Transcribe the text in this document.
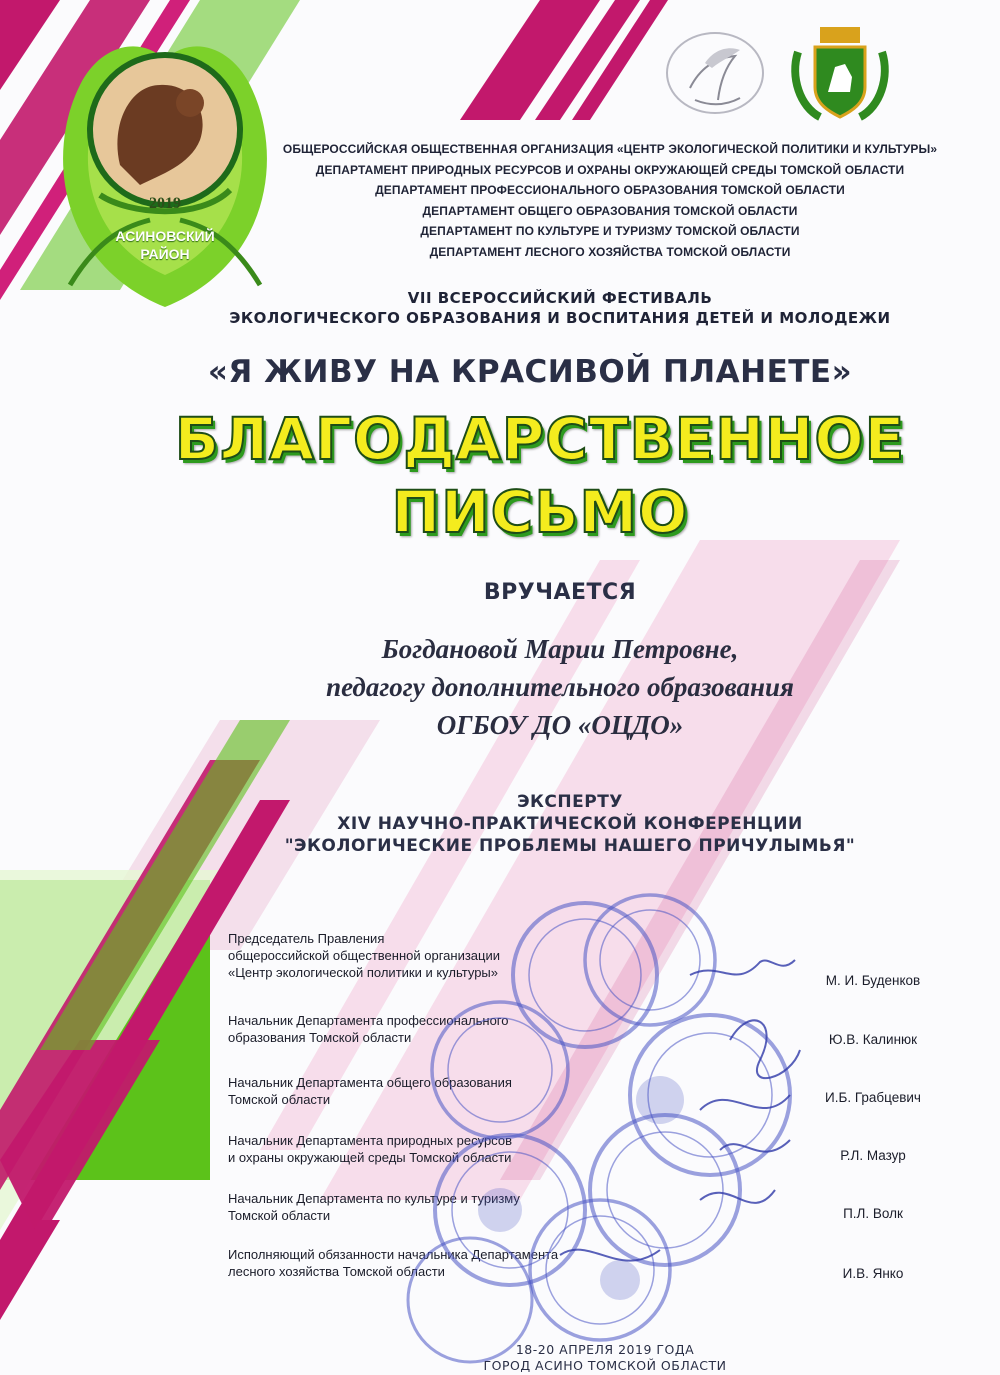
2019
АСИНОВСКИЙ
РАЙОН
ОБЩЕРОССИЙСКАЯ ОБЩЕСТВЕННАЯ ОРГАНИЗАЦИЯ «ЦЕНТР ЭКОЛОГИЧЕСКОЙ ПОЛИТИКИ И КУЛЬТУРЫ»
ДЕПАРТАМЕНТ ПРИРОДНЫХ РЕСУРСОВ И ОХРАНЫ ОКРУЖАЮЩЕЙ СРЕДЫ ТОМСКОЙ ОБЛАСТИ
ДЕПАРТАМЕНТ ПРОФЕССИОНАЛЬНОГО ОБРАЗОВАНИЯ ТОМСКОЙ ОБЛАСТИ
ДЕПАРТАМЕНТ ОБЩЕГО ОБРАЗОВАНИЯ ТОМСКОЙ ОБЛАСТИ
ДЕПАРТАМЕНТ ПО КУЛЬТУРЕ И ТУРИЗМУ ТОМСКОЙ ОБЛАСТИ
ДЕПАРТАМЕНТ ЛЕСНОГО ХОЗЯЙСТВА ТОМСКОЙ ОБЛАСТИ
VII ВСЕРОССИЙСКИЙ ФЕСТИВАЛЬ
ЭКОЛОГИЧЕСКОГО ОБРАЗОВАНИЯ И ВОСПИТАНИЯ ДЕТЕЙ И МОЛОДЕЖИ
«Я ЖИВУ НА КРАСИВОЙ ПЛАНЕТЕ»
БЛАГОДАРСТВЕННОЕ
ПИСЬМО
ВРУЧАЕТСЯ
Богдановой Марии Петровне,
педагогу дополнительного образования
ОГБОУ ДО «ОЦДО»
ЭКСПЕРТУ
XIV НАУЧНО-ПРАКТИЧЕСКОЙ КОНФЕРЕНЦИИ
"ЭКОЛОГИЧЕСКИЕ ПРОБЛЕМЫ НАШЕГО ПРИЧУЛЫМЬЯ"
Председатель Правления
общероссийской общественной организации
«Центр экологической политики и культуры»
М. И. Буденков
Начальник Департамента профессионального
образования Томской области	Ю.В. Калинюк
Начальник Департамента общего образования
Томской области	И.Б. Грабцевич
Начальник Департамента природных ресурсов
и охраны окружающей среды Томской области	Р.Л. Мазур
Начальник Департамента по культуре и туризму
Томской области	П.Л. Волк
Исполняющий обязанности начальника Департамента
лесного хозяйства Томской области	И.В. Янко
18-20 АПРЕЛЯ 2019 ГОДА
ГОРОД АСИНО ТОМСКОЙ ОБЛАСТИ
